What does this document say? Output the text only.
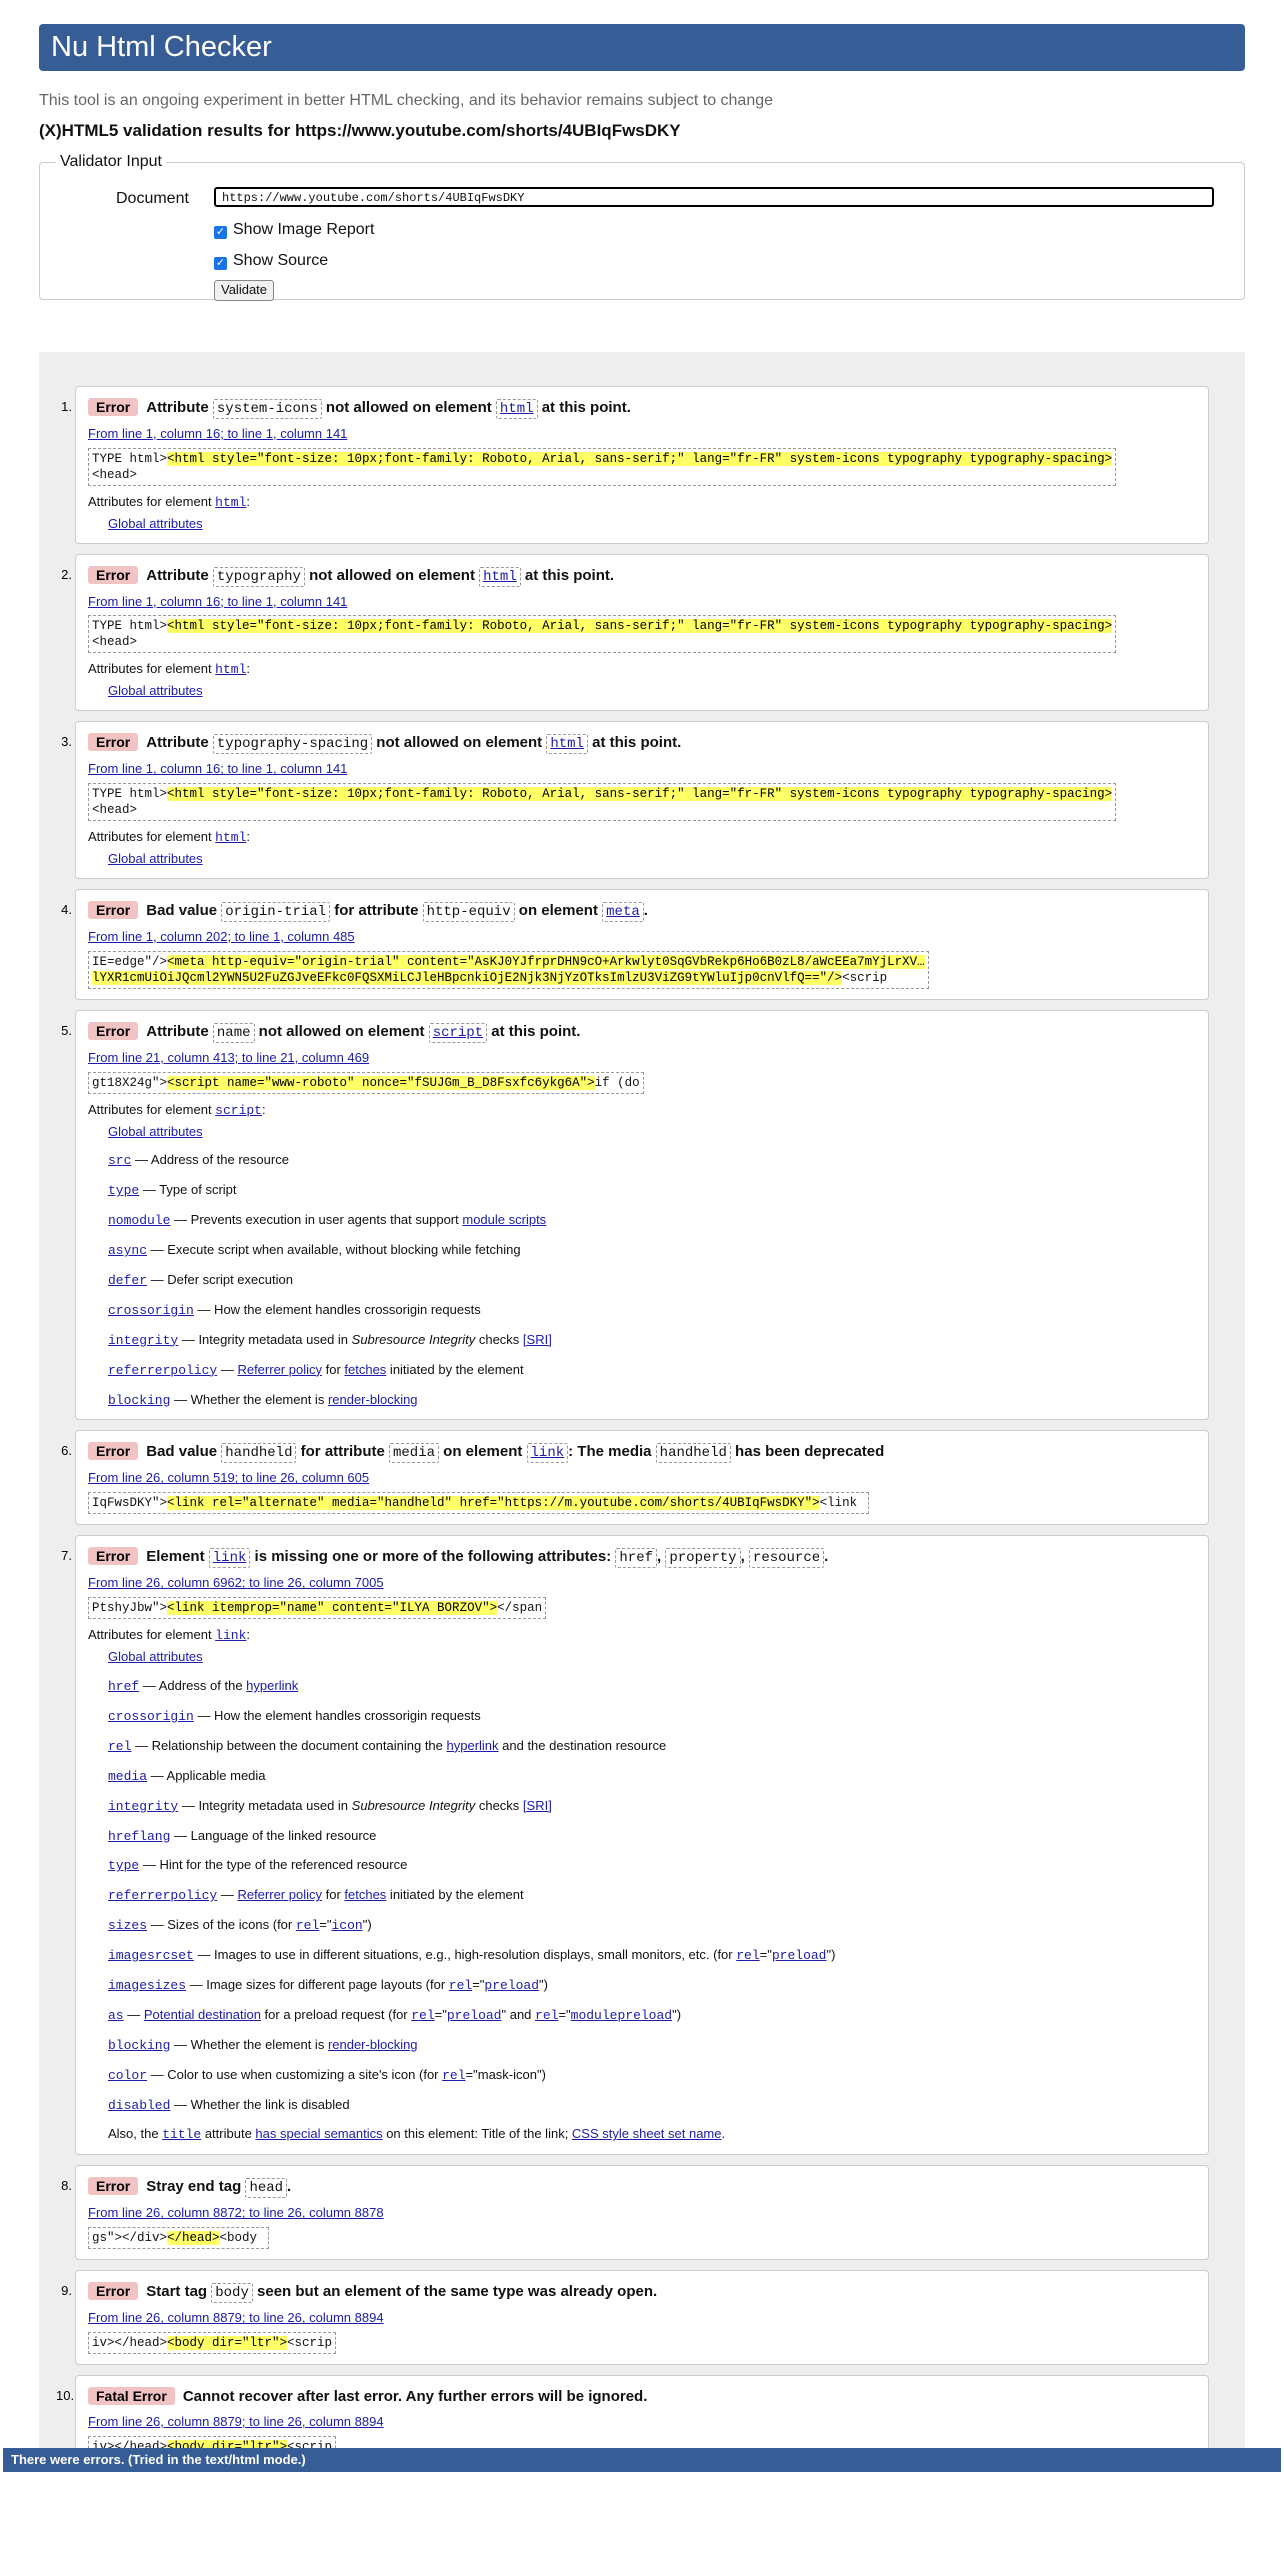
Nu Html Checker
This tool is an ongoing experiment in better HTML checking, and its behavior remains subject to change
(X)HTML5 validation results for https://www.youtube.com/shorts/4UBIqFwsDKY
Validator Input
Document	https://www.youtube.com/shorts/4UBIqFwsDKY
✓ Show Image Report
✓ Show Source
Validate
1.	Error Attribute system-icons not allowed on element html at this point.
From line 1, column 16; to line 1, column 141
TYPE html><html style="font-size: 10px;font-family: Roboto, Arial, sans-serif;" lang="fr-FR" system-icons typography typography-spacing>
<head>
Attributes for element html:
Global attributes
2.	Error Attribute typography not allowed on element html at this point.
From line 1, column 16; to line 1, column 141
TYPE html><html style="font-size: 10px;font-family: Roboto, Arial, sans-serif;" lang="fr-FR" system-icons typography typography-spacing>
<head>
Attributes for element html:
Global attributes
3.	Error Attribute typography-spacing not allowed on element html at this point.
From line 1, column 16; to line 1, column 141
TYPE html><html style="font-size: 10px;font-family: Roboto, Arial, sans-serif;" lang="fr-FR" system-icons typography typography-spacing>
<head>
Attributes for element html:
Global attributes
4.	Error Bad value origin-trial for attribute http-equiv on element meta .
From line 1, column 202; to line 1, column 485
IE=edge"/><meta http-equiv="origin-trial" content="AsKJ0YJfrprDHN9cO+Arkwlyt0SqGVbRekp6Ho6B0zL8/aWcEEa7mYjLrXV…
lYXR1cmUiOiJQcml2YWN5U2FuZGJveEFkc0FQSXMiLCJleHBpcnkiOjE2Njk3NjYzOTksImlzU3ViZG9tYWluIjp0cnVlfQ=="/><scrip
5.	Error Attribute name not allowed on element script at this point.
From line 21, column 413; to line 21, column 469
gt18X24g"><script name="www-roboto" nonce="fSUJGm_B_D8Fsxfc6ykg6A">if (do
Attributes for element script:
Global attributes
src — Address of the resource
type — Type of script
nomodule — Prevents execution in user agents that support module scripts
async — Execute script when available, without blocking while fetching
defer — Defer script execution
crossorigin — How the element handles crossorigin requests
integrity — Integrity metadata used in Subresource Integrity checks [SRI]
referrerpolicy — Referrer policy for fetches initiated by the element
blocking — Whether the element is render-blocking
6.	Error Bad value handheld for attribute media on element link : The media handheld has been deprecated
From line 26, column 519; to line 26, column 605
IqFwsDKY"><link rel="alternate" media="handheld" href="https://m.youtube.com/shorts/4UBIqFwsDKY"><link
7.	Error Element link is missing one or more of the following attributes: href , property , resource .
From line 26, column 6962; to line 26, column 7005
PtshyJbw"><link itemprop="name" content="ILYA BORZOV"></span
Attributes for element link:
Global attributes
href — Address of the hyperlink
crossorigin — How the element handles crossorigin requests
rel — Relationship between the document containing the hyperlink and the destination resource
media — Applicable media
integrity — Integrity metadata used in Subresource Integrity checks [SRI]
hreflang — Language of the linked resource
type — Hint for the type of the referenced resource
referrerpolicy — Referrer policy for fetches initiated by the element
sizes — Sizes of the icons (for rel="icon")
imagesrcset — Images to use in different situations, e.g., high-resolution displays, small monitors, etc. (for rel="preload")
imagesizes — Image sizes for different page layouts (for rel="preload")
as — Potential destination for a preload request (for rel="preload" and rel="modulepreload")
blocking — Whether the element is render-blocking
color — Color to use when customizing a site's icon (for rel="mask-icon")
disabled — Whether the link is disabled
Also, the title attribute has special semantics on this element: Title of the link; CSS style sheet set name.
8.	Error Stray end tag head .
From line 26, column 8872; to line 26, column 8878
gs"></div></head><body
9.	Error Start tag body seen but an element of the same type was already open.
From line 26, column 8879; to line 26, column 8894
iv></head><body dir="ltr"><scrip
10.	Fatal Error Cannot recover after last error. Any further errors will be ignored.
From line 26, column 8879; to line 26, column 8894
There were errors. (Tried in the text/html mode.)
